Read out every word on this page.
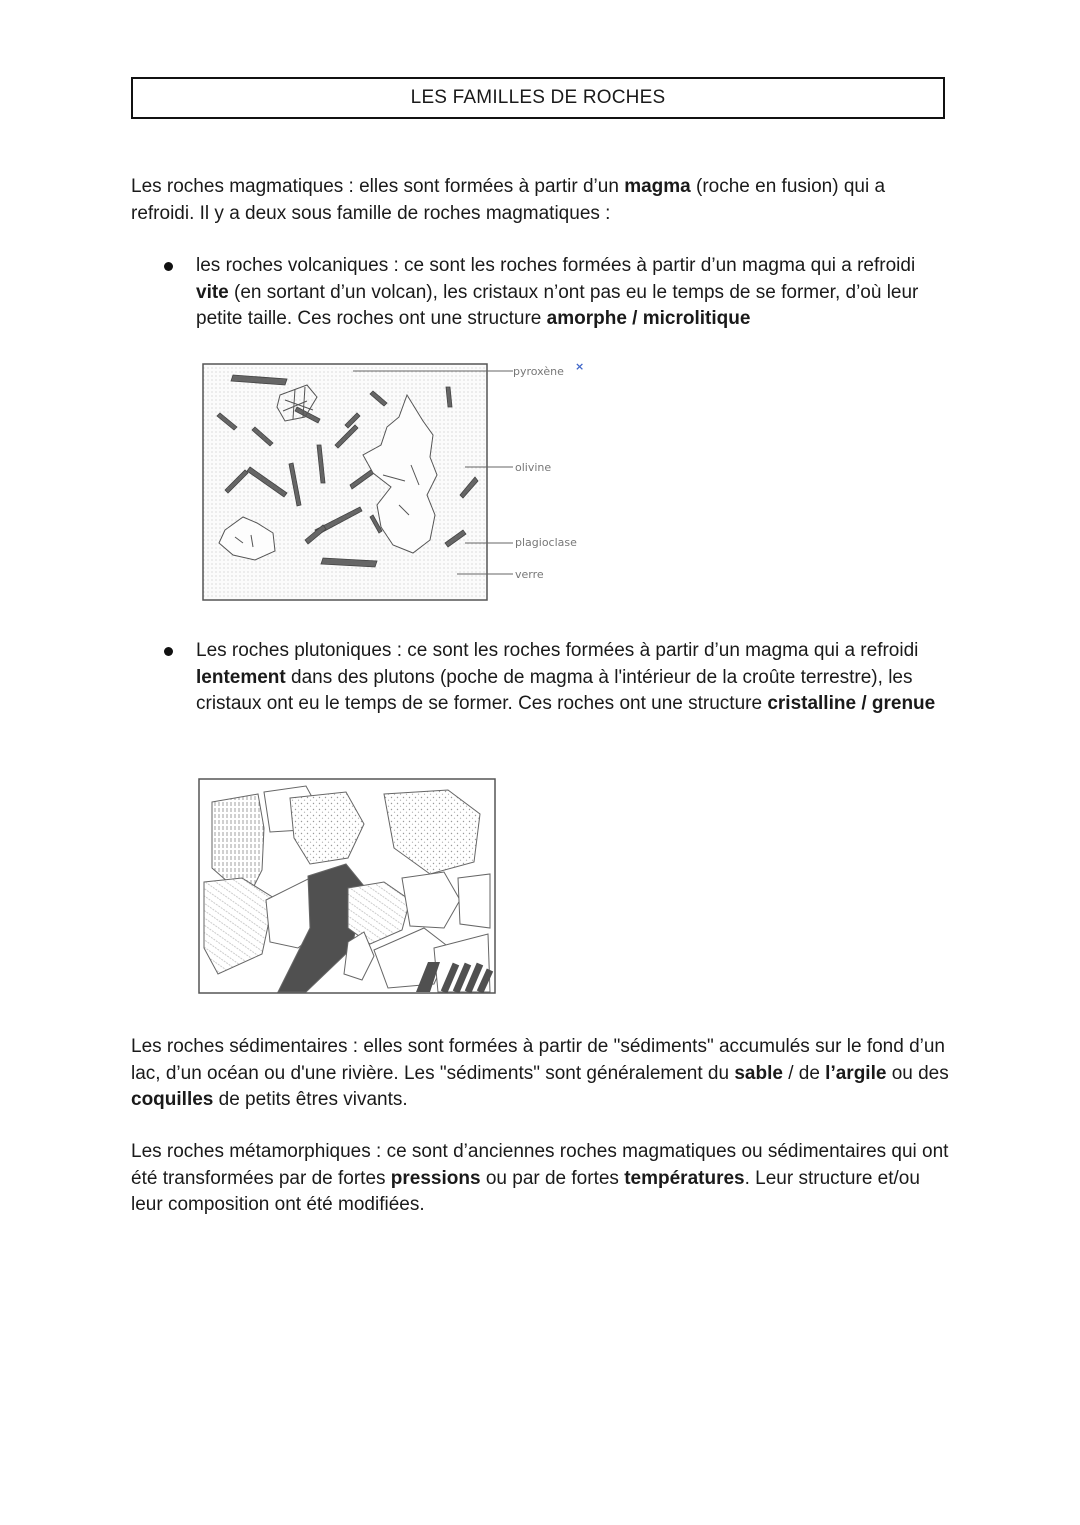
LES FAMILLES DE ROCHES

Les roches magmatiques : elles sont formées à partir d’un magma (roche en fusion) qui a refroidi. Il y a deux sous famille de roches magmatiques :

les roches volcaniques : ce sont les roches formées à partir d’un magma qui a refroidi vite (en sortant d’un volcan), les cristaux n’ont pas eu le temps de se former, d’où leur petite taille. Ces roches ont une structure amorphe / microlitique

pyroxène
olivine
plagioclase
verre
×

Les roches plutoniques : ce sont les roches formées à partir d’un magma qui a refroidi lentement dans des plutons (poche de magma à l'intérieur de la croûte terrestre), les cristaux ont eu le temps de se former. Ces roches ont une structure cristalline / grenue

Les roches sédimentaires : elles sont formées à partir de "sédiments" accumulés sur le fond d’un lac, d’un océan ou d'une rivière. Les "sédiments" sont généralement du sable / de l’argile ou des coquilles de petits êtres vivants.

Les roches métamorphiques : ce sont d’anciennes roches magmatiques ou sédimentaires qui ont été transformées par de fortes pressions ou par de fortes températures. Leur structure et/ou leur composition ont été modifiées.
